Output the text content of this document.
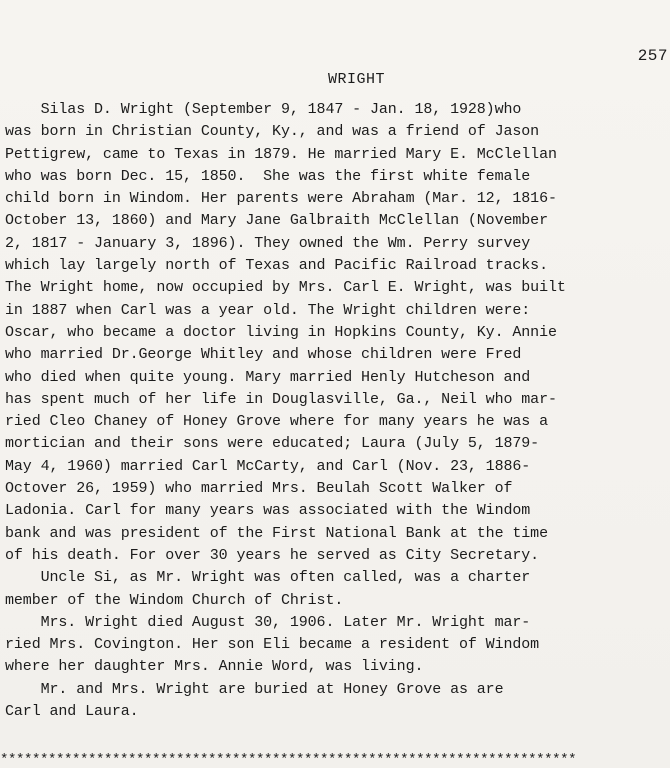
257
WRIGHT
Silas D. Wright (September 9, 1847 - Jan. 18, 1928)who
was born in Christian County, Ky., and was a friend of Jason
Pettigrew, came to Texas in 1879. He married Mary E. McClellan
who was born Dec. 15, 1850.  She was the first white female
child born in Windom. Her parents were Abraham (Mar. 12, 1816-
October 13, 1860) and Mary Jane Galbraith McClellan (November
2, 1817 - January 3, 1896). They owned the Wm. Perry survey
which lay largely north of Texas and Pacific Railroad tracks.
The Wright home, now occupied by Mrs. Carl E. Wright, was built
in 1887 when Carl was a year old. The Wright children were:
Oscar, who became a doctor living in Hopkins County, Ky. Annie
who married Dr.George Whitley and whose children were Fred
who died when quite young. Mary married Henly Hutcheson and
has spent much of her life in Douglasville, Ga., Neil who mar-
ried Cleo Chaney of Honey Grove where for many years he was a
mortician and their sons were educated; Laura (July 5, 1879-
May 4, 1960) married Carl McCarty, and Carl (Nov. 23, 1886-
Octover 26, 1959) who married Mrs. Beulah Scott Walker of
Ladonia. Carl for many years was associated with the Windom
bank and was president of the First National Bank at the time
of his death. For over 30 years he served as City Secretary.
Uncle Si, as Mr. Wright was often called, was a charter
member of the Windom Church of Christ.
Mrs. Wright died August 30, 1906. Later Mr. Wright mar-
ried Mrs. Covington. Her son Eli became a resident of Windom
where her daughter Mrs. Annie Word, was living.
Mr. and Mrs. Wright are buried at Honey Grove as are
Carl and Laura.
************************************************************************
